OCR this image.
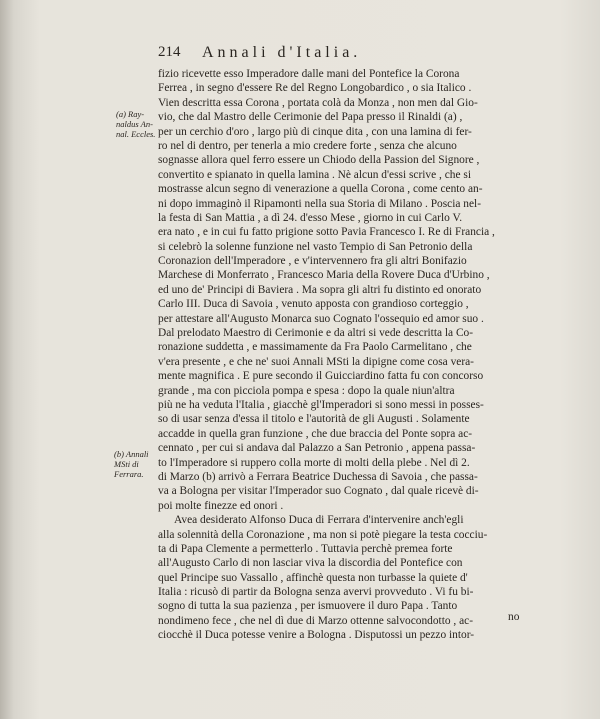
214 Annali d'Italia.
(a) Ray-
naldus An-
nal. Eccles.
(b) Annali
MSti di
Ferrara.
fizio ricevette esso Imperadore dalle mani del Pontefice la Corona
Ferrea , in segno d'essere Re del Regno Longobardico , o sia Italico .
Vien descritta essa Corona , portata colà da Monza , non men dal Gio-
vio, che dal Mastro delle Cerimonie del Papa presso il Rinaldi (a) ,
per un cerchio d'oro , largo più di cinque dita , con una lamina di fer-
ro nel di dentro, per tenerla a mio credere forte , senza che alcuno
sognasse allora quel ferro essere un Chiodo della Passion del Signore ,
convertito e spianato in quella lamina . Nè alcun d'essi scrive , che si
mostrasse alcun segno di venerazione a quella Corona , come cento an-
ni dopo immaginò il Ripamonti nella sua Storia di Milano . Poscia nel-
la festa di San Mattia , a dì 24. d'esso Mese , giorno in cui Carlo V.
era nato , e in cui fu fatto prigione sotto Pavia Francesco I. Re di Francia ,
si celebrò la solenne funzione nel vasto Tempio di San Petronio della
Coronazion dell'Imperadore , e v'intervennero fra gli altri Bonifazio
Marchese di Monferrato , Francesco Maria della Rovere Duca d'Urbino ,
ed uno de' Principi di Baviera . Ma sopra gli altri fu distinto ed onorato
Carlo III. Duca di Savoia , venuto apposta con grandioso corteggio ,
per attestare all'Augusto Monarca suo Cognato l'ossequio ed amor suo .
Dal prelodato Maestro di Cerimonie e da altri si vede descritta la Co-
ronazione suddetta , e massimamente da Fra Paolo Carmelitano , che
v'era presente , e che ne' suoi Annali MSti la dipigne come cosa vera-
mente magnifica . E pure secondo il Guicciardino fatta fu con concorso
grande , ma con picciola pompa e spesa : dopo la quale niun'altra
più ne ha veduta l'Italia , giacchè gl'Imperadori si sono messi in posses-
so di usar senza d'essa il titolo e l'autorità de gli Augusti . Solamente
accadde in quella gran funzione , che due braccia del Ponte sopra ac-
cennato , per cui si andava dal Palazzo a San Petronio , appena passa-
to l'Imperadore si ruppero colla morte di molti della plebe . Nel dì 2.
di Marzo (b) arrivò a Ferrara Beatrice Duchessa di Savoia , che passa-
va a Bologna per visitar l'Imperador suo Cognato , dal quale ricevè di-
poi molte finezze ed onori .
Avea desiderato Alfonso Duca di Ferrara d'intervenire anch'egli
alla solennità della Coronazione , ma non si potè piegare la testa cocciu-
ta di Papa Clemente a permetterlo . Tuttavia perchè premea forte
all'Augusto Carlo di non lasciar viva la discordia del Pontefice con
quel Principe suo Vassallo , affinchè questa non turbasse la quiete d'
Italia : ricusò di partir da Bologna senza avervi provveduto . Vi fu bi-
sogno di tutta la sua pazienza , per ismuovere il duro Papa . Tanto
nondimeno fece , che nel dì due di Marzo ottenne salvocondotto , ac-
ciocchè il Duca potesse venire a Bologna . Disputossi un pezzo intor-
no
